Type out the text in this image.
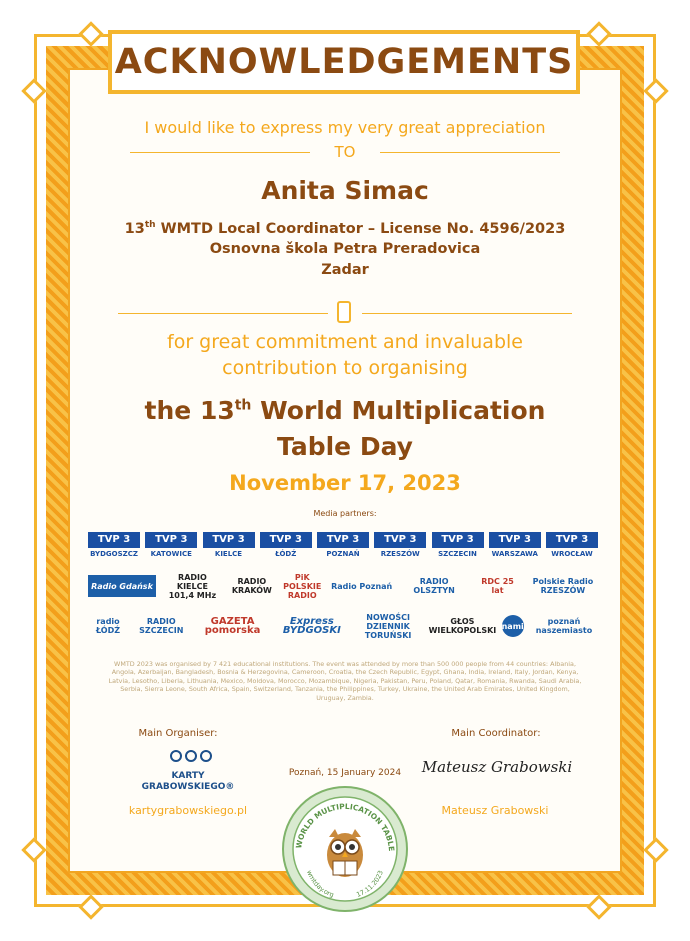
ACKNOWLEDGEMENTS
I would like to express my very great appreciation
TO
Anita Simac
13th WMTD Local Coordinator – License No. 4596/2023
Osnovna škola Petra Preradovica
Zadar
for great commitment and invaluable
contribution to organising
the 13th World Multiplication
Table Day
November 17, 2023
Media partners:
TVP 3
BYDGOSZCZ
TVP 3
KATOWICE
TVP 3
KIELCE
TVP 3
ŁÓDŹ
TVP 3
POZNAŃ
TVP 3
RZESZÓW
TVP 3
SZCZECIN
TVP 3
WARSZAWA
TVP 3
WROCŁAW
Radio Gdańsk
RADIO KIELCE 101,4 MHz
RADIO KRAKÓW
PiK POLSKIE RADIO
Radio Poznań	RADIO OLSZTYN
RDC 25 lat
Polskie Radio RZESZÓW
radio ŁÓDŹ
RADIO SZCZECIN
GAZETA pomorska
Express BYDGOSKI
NOWOŚCI DZIENNIK TORUŃSKI
GŁOS WIELKOPOLSKI nami	poznań naszemiasto
WMTD 2023 was organised by 7 421 educational institutions. The event was attended by more than 500 000 people from 44 countries: Albania, Angola, Azerbaijan, Bangladesh, Bosnia & Herzegovina, Cameroon, Croatia, the Czech Republic, Egypt, Ghana, India, Ireland, Italy, Jordan, Kenya, Latvia, Lesotho, Liberia, Lithuania, Mexico, Moldova, Morocco, Mozambique, Nigeria, Pakistan, Peru, Poland, Qatar, Romania, Rwanda, Saudi Arabia, Serbia, Sierra Leone, South Africa, Spain, Switzerland, Tanzania, the Philippines, Turkey, Ukraine, the United Arab Emirates, United Kingdom, Uruguay, Zambia.
Main Organiser:
KARTY
GRABOWSKIEGO®
kartygrabowskiego.pl
Poznań, 15 January 2024
Main Coordinator:
Mateusz Grabowski
Mateusz Grabowski
WORLD MULTIPLICATION TABLE
wmtday.org	17.11.2023
